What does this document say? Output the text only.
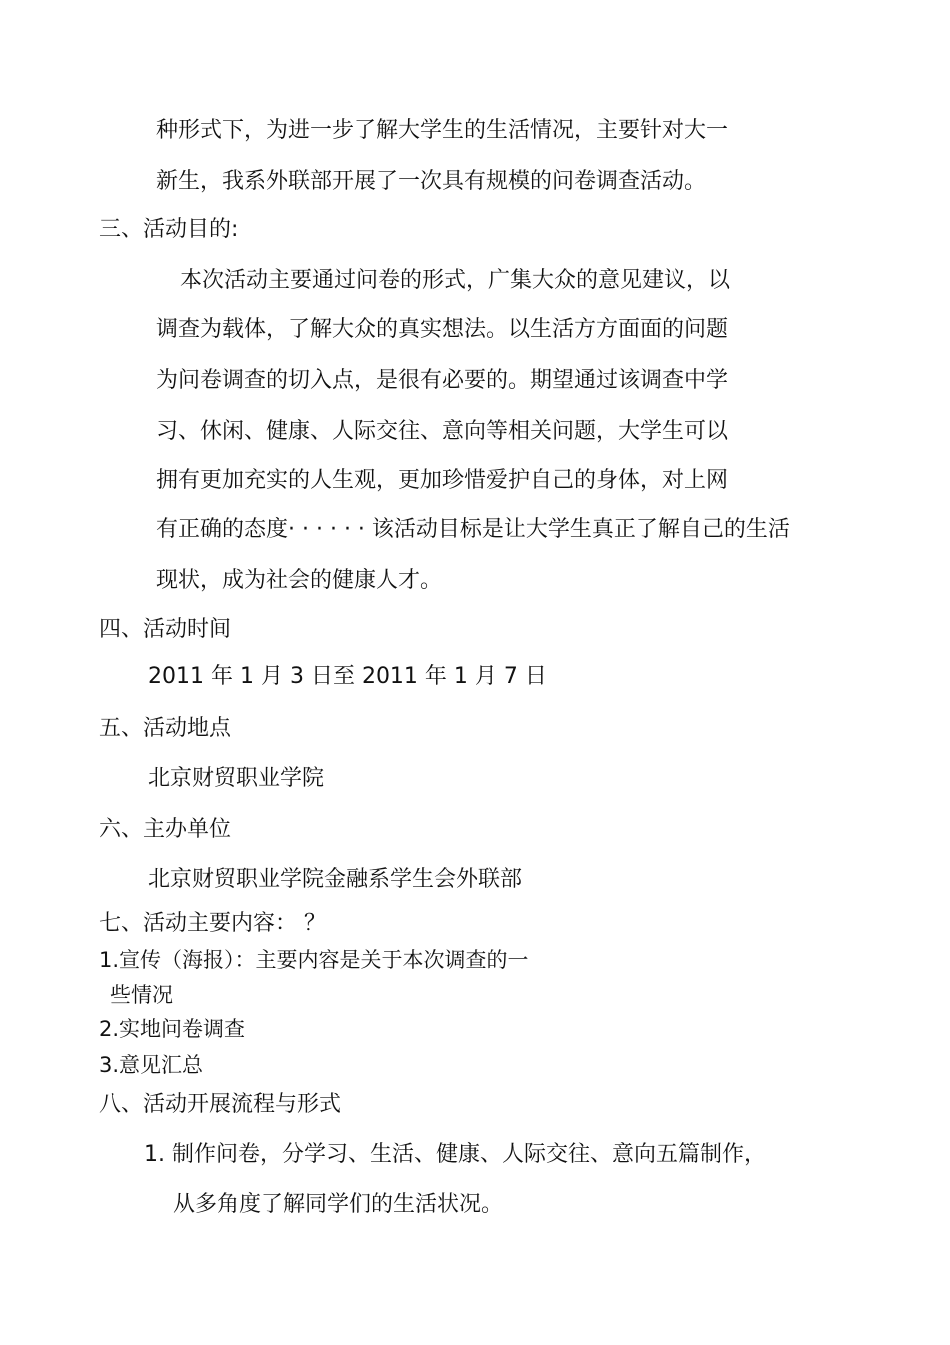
种形式下，为进一步了解大学生的生活情况，主要针对大一

新生，我系外联部开展了一次具有规模的问卷调查活动。

三、活动目的:

本次活动主要通过问卷的形式，广集大众的意见建议，以

调查为载体，了解大众的真实想法。以生活方方面面的问题

为问卷调查的切入点，是很有必要的。期望通过该调查中学

习、休闲、健康、人际交往、意向等相关问题，大学生可以

拥有更加充实的人生观，更加珍惜爱护自己的身体，对上网

有正确的态度· · · · · · 该活动目标是让大学生真正了解自己的生活

现状，成为社会的健康人才。

四、活动时间

2011 年 1 月 3 日至 2011 年 1 月 7 日

五、活动地点

北京财贸职业学院

六、主办单位

北京财贸职业学院金融系学生会外联部

七、活动主要内容： ？

1.宣传（海报）：主要内容是关于本次调查的一

些情况

2.实地问卷调查

3.意见汇总

八、活动开展流程与形式

1. 制作问卷，分学习、生活、健康、人际交往、意向五篇制作，

从多角度了解同学们的生活状况。
